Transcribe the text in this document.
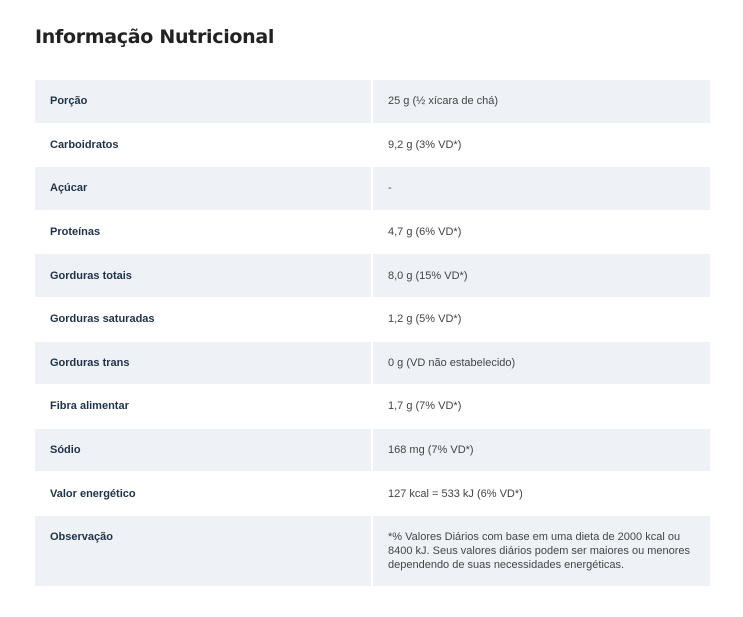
Informação Nutricional
Porção	25 g (½ xícara de chá)
Carboidratos	9,2 g (3% VD*)
Açúcar	-
Proteínas	4,7 g (6% VD*)
Gorduras totais	8,0 g (15% VD*)
Gorduras saturadas	1,2 g (5% VD*)
Gorduras trans	0 g (VD não estabelecido)
Fibra alimentar	1,7 g (7% VD*)
Sódio	168 mg (7% VD*)
Valor energético	127 kcal = 533 kJ (6% VD*)
Observação	*% Valores Diários com base em uma dieta de 2000 kcal ou 8400 kJ. Seus valores diários podem ser maiores ou menores dependendo de suas necessidades energéticas.
